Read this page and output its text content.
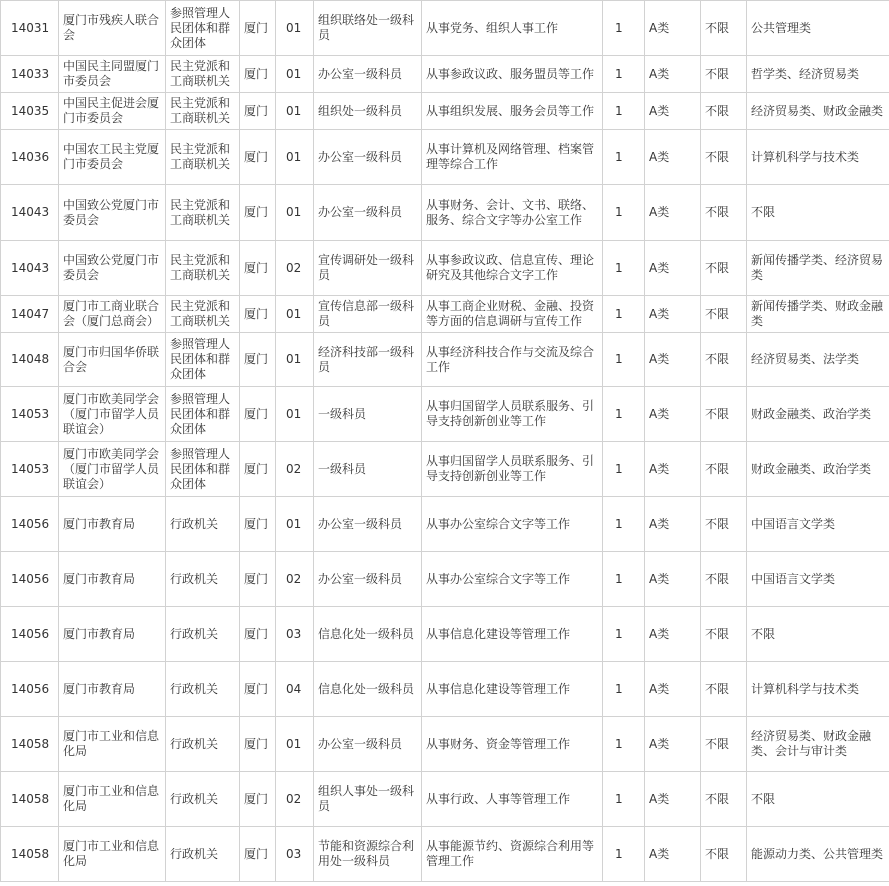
14031	厦门市残疾人联合会	参照管理人民团体和群众团体	厦门	01	组织联络处一级科员	从事党务、组织人事工作	1	A类	不限	公共管理类
14033	中国民主同盟厦门市委员会	民主党派和工商联机关	厦门	01	办公室一级科员	从事参政议政、服务盟员等工作	1	A类	不限	哲学类、经济贸易类
14035	中国民主促进会厦门市委员会	民主党派和工商联机关	厦门	01	组织处一级科员	从事组织发展、服务会员等工作	1	A类	不限	经济贸易类、财政金融类
14036	中国农工民主党厦门市委员会	民主党派和工商联机关	厦门	01	办公室一级科员	从事计算机及网络管理、档案管理等综合工作	1	A类	不限	计算机科学与技术类
14043	中国致公党厦门市委员会	民主党派和工商联机关	厦门	01	办公室一级科员	从事财务、会计、文书、联络、服务、综合文字等办公室工作	1	A类	不限	不限
14043	中国致公党厦门市委员会	民主党派和工商联机关	厦门	02	宣传调研处一级科员	从事参政议政、信息宣传、理论研究及其他综合文字工作	1	A类	不限	新闻传播学类、经济贸易类
14047	厦门市工商业联合会（厦门总商会）	民主党派和工商联机关	厦门	01	宣传信息部一级科员	从事工商企业财税、金融、投资等方面的信息调研与宣传工作	1	A类	不限	新闻传播学类、财政金融类
14048	厦门市归国华侨联合会	参照管理人民团体和群众团体	厦门	01	经济科技部一级科员	从事经济科技合作与交流及综合工作	1	A类	不限	经济贸易类、法学类
14053	厦门市欧美同学会（厦门市留学人员联谊会）	参照管理人民团体和群众团体	厦门	01	一级科员	从事归国留学人员联系服务、引导支持创新创业等工作	1	A类	不限	财政金融类、政治学类
14053	厦门市欧美同学会（厦门市留学人员联谊会）	参照管理人民团体和群众团体	厦门	02	一级科员	从事归国留学人员联系服务、引导支持创新创业等工作	1	A类	不限	财政金融类、政治学类
14056	厦门市教育局	行政机关	厦门	01	办公室一级科员	从事办公室综合文字等工作	1	A类	不限	中国语言文学类
14056	厦门市教育局	行政机关	厦门	02	办公室一级科员	从事办公室综合文字等工作	1	A类	不限	中国语言文学类
14056	厦门市教育局	行政机关	厦门	03	信息化处一级科员	从事信息化建设等管理工作	1	A类	不限	不限
14056	厦门市教育局	行政机关	厦门	04	信息化处一级科员	从事信息化建设等管理工作	1	A类	不限	计算机科学与技术类
14058	厦门市工业和信息化局	行政机关	厦门	01	办公室一级科员	从事财务、资金等管理工作	1	A类	不限	经济贸易类、财政金融类、会计与审计类
14058	厦门市工业和信息化局	行政机关	厦门	02	组织人事处一级科员	从事行政、人事等管理工作	1	A类	不限	不限
14058	厦门市工业和信息化局	行政机关	厦门	03	节能和资源综合利用处一级科员	从事能源节约、资源综合利用等管理工作	1	A类	不限	能源动力类、公共管理类
